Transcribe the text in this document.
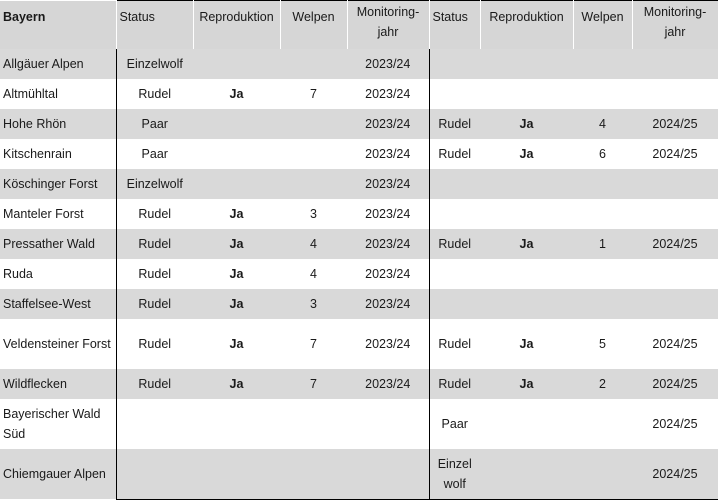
Bayern	Status	Reproduktion	Welpen	Monitoring-jahr	Status	Reproduktion	Welpen	Monitoring-jahr
Allgäuer Alpen	Einzelwolf			2023/24				
Altmühltal	Rudel	Ja	7	2023/24				
Hohe Rhön	Paar			2023/24	Rudel	Ja	4	2024/25
Kitschenrain	Paar			2023/24	Rudel	Ja	6	2024/25
Köschinger Forst	Einzelwolf			2023/24				
Manteler Forst	Rudel	Ja	3	2023/24				
Pressather Wald	Rudel	Ja	4	2023/24	Rudel	Ja	1	2024/25
Ruda	Rudel	Ja	4	2023/24				
Staffelsee-West	Rudel	Ja	3	2023/24				
Veldensteiner Forst	Rudel	Ja	7	2023/24	Rudel	Ja	5	2024/25
Wildflecken	Rudel	Ja	7	2023/24	Rudel	Ja	2	2024/25
Bayerischer Wald Süd					Paar			2024/25
Chiemgauer Alpen					Einzel wolf			2024/25
